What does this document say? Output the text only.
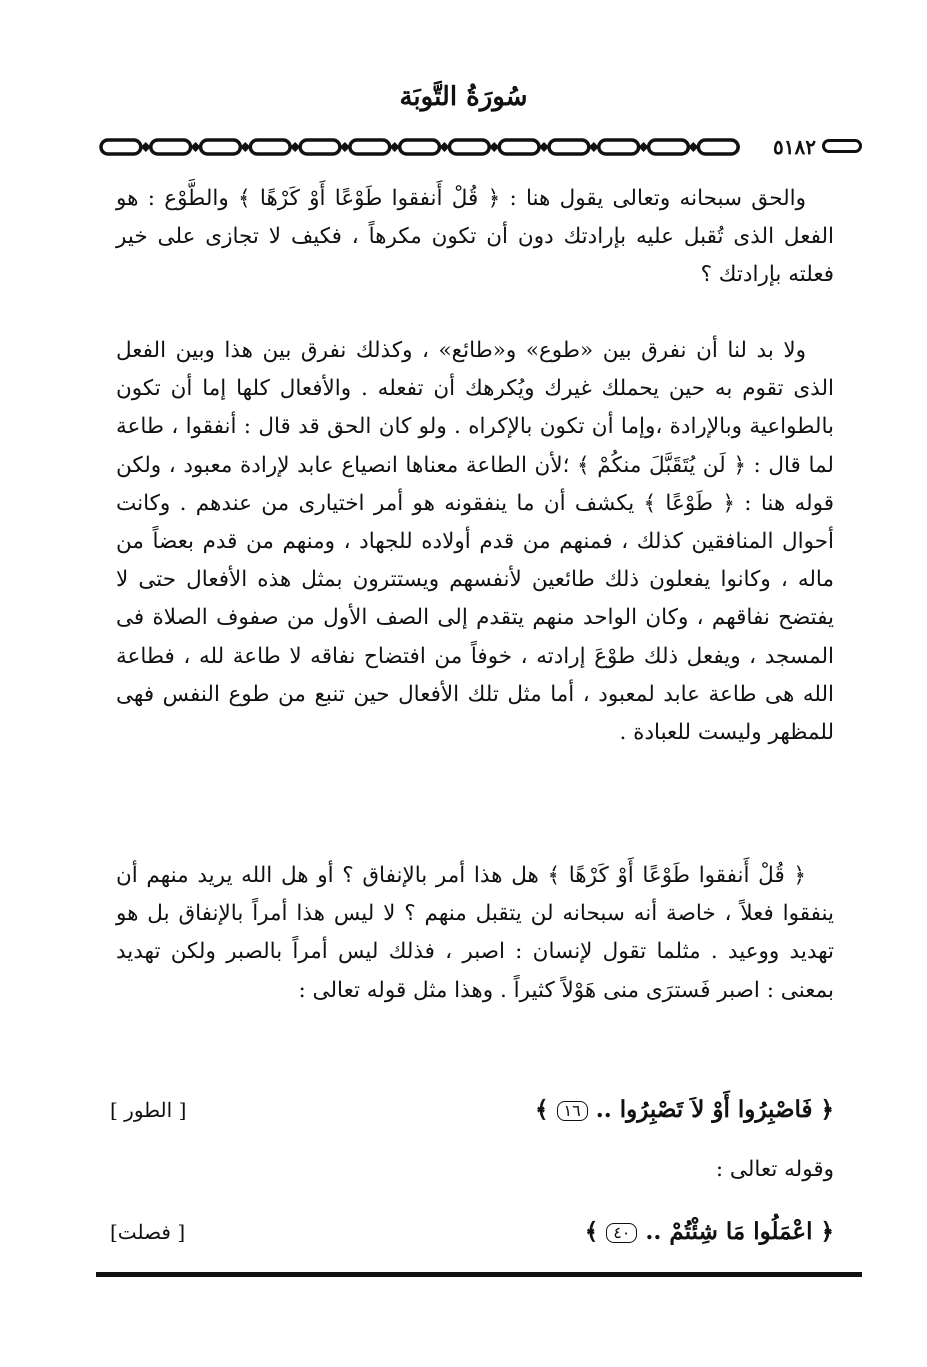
سُورَةُ التَّوبَة
٥١٨٢

والحق سبحانه وتعالى يقول هنا : ﴿ قُلْ أَنفقوا طَوْعًا أَوْ كَرْهًا ﴾ والطَّوْع : هو الفعل الذى تُقبل عليه بإرادتك دون أن تكون مكرهاً ، فكيف لا تجازى على خير فعلته بإرادتك ؟

ولا بد لنا أن نفرق بين «طوع» و«طائع» ، وكذلك نفرق بين هذا وبين الفعل الذى تقوم به حين يحملك غيرك ويُكرهك أن تفعله . والأفعال كلها إما أن تكون بالطواعية وبالإرادة ،وإما أن تكون بالإكراه . ولو كان الحق قد قال : أنفقوا ، طاعة لما قال : ﴿ لَن يُتَقَبَّلَ منكُمْ ﴾ ؛لأن الطاعة معناها انصياع عابد لإرادة معبود ، ولكن قوله هنا : ﴿ طَوْعًا ﴾ يكشف أن ما ينفقونه هو أمر اختيارى من عندهم . وكانت أحوال المنافقين كذلك ، فمنهم من قدم أولاده للجهاد ، ومنهم من قدم بعضاً من ماله ، وكانوا يفعلون ذلك طائعين لأنفسهم ويستترون بمثل هذه الأفعال حتى لا يفتضح نفاقهم ، وكان الواحد منهم يتقدم إلى الصف الأول من صفوف الصلاة فى المسجد ، ويفعل ذلك طوْعَ إرادته ، خوفاً من افتضاح نفاقه لا طاعة لله ، فطاعة الله هى طاعة عابد لمعبود ، أما مثل تلك الأفعال حين تنبع من طوع النفس فهى للمظهر وليست للعبادة .

﴿ قُلْ أَنفقوا طَوْعًا أَوْ كَرْهًا ﴾ هل هذا أمر بالإنفاق ؟ أو هل الله يريد منهم أن ينفقوا فعلاً ، خاصة أنه سبحانه لن يتقبل منهم ؟ لا ليس هذا أمراً بالإنفاق بل هو تهديد ووعيد . مثلما تقول لإنسان : اصبر ، فذلك ليس أمراً بالصبر ولكن تهديد بمعنى : اصبر فَسترَى منى هَوْلاً كثيراً . وهذا مثل قوله تعالى :

﴿ فَاصْبِرُوا أَوْ لاَ تَصْبِرُوا .. ١٦ ﴾
[ الطور ]
وقوله تعالى :
﴿ اعْمَلُوا مَا شِئْتُمْ .. ٤٠ ﴾
[ فصلت]
